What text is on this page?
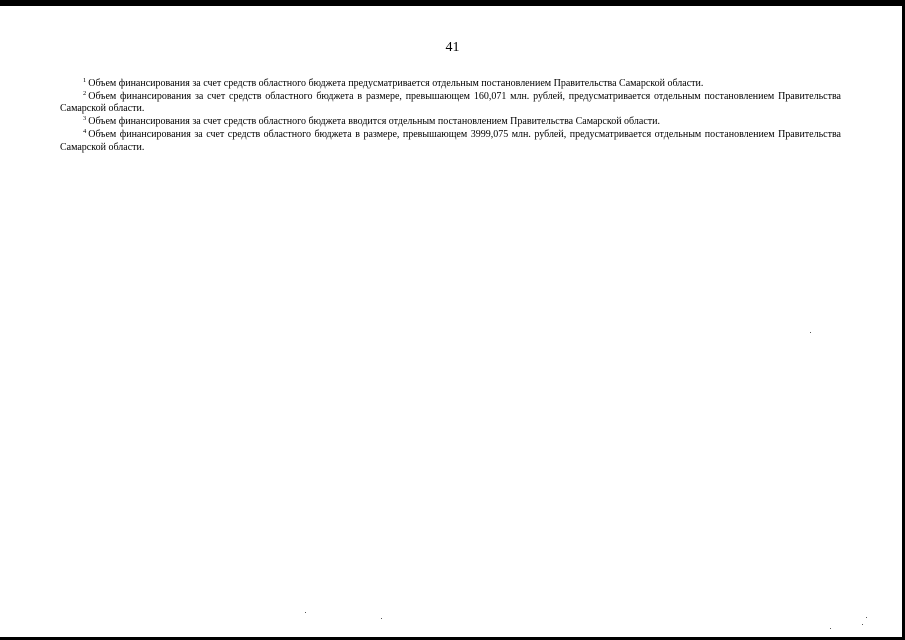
41

$^1$ Объем финансирования за счет средств областного бюджета предусматривается отдельным постановлением Правительства Самарской области.

$^2$ Объем финансирования за счет средств областного бюджета в размере, превышающем 160,071 млн. рублей, предусматривается отдельным постановлением Правительства Самарской области.

$^3$ Объем финансирования за счет средств областного бюджета вводится отдельным постановлением Правительства Самарской области.

$^4$ Объем финансирования за счет средств областного бюджета в размере, превышающем 3999,075 млн. рублей, предусматривается отдельным постановлением Правительства Самарской области.
